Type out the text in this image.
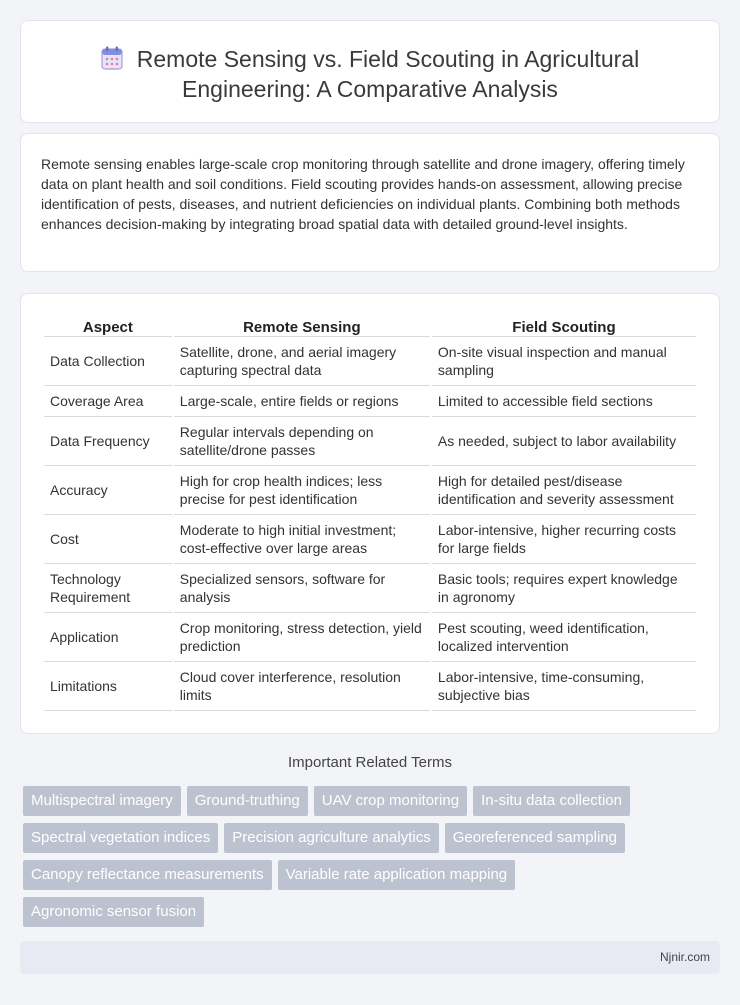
Remote Sensing vs. Field Scouting in Agricultural
Engineering: A Comparative Analysis

Remote sensing enables large-scale crop monitoring through satellite and drone imagery, offering timely data on plant health and soil conditions. Field scouting provides hands-on assessment, allowing precise identification of pests, diseases, and nutrient deficiencies on individual plants. Combining both methods enhances decision-making by integrating broad spatial data with detailed ground-level insights.

Aspect	Remote Sensing	Field Scouting
Data Collection	Satellite, drone, and aerial imagery capturing spectral data	On-site visual inspection and manual sampling
Coverage Area	Large-scale, entire fields or regions	Limited to accessible field sections
Data Frequency	Regular intervals depending on satellite/drone passes	As needed, subject to labor availability
Accuracy	High for crop health indices; less precise for pest identification	High for detailed pest/disease identification and severity assessment
Cost	Moderate to high initial investment; cost-effective over large areas	Labor-intensive, higher recurring costs for large fields
Technology Requirement	Specialized sensors, software for analysis	Basic tools; requires expert knowledge in agronomy
Application	Crop monitoring, stress detection, yield prediction	Pest scouting, weed identification, localized intervention
Limitations	Cloud cover interference, resolution limits	Labor-intensive, time-consuming, subjective bias
Important Related Terms
Multispectral imagery	Ground-truthing	UAV crop monitoring	In-situ data collection
Spectral vegetation indices	Precision agriculture analytics	Georeferenced sampling
Canopy reflectance measurements	Variable rate application mapping
Agronomic sensor fusion
Njnir.com
